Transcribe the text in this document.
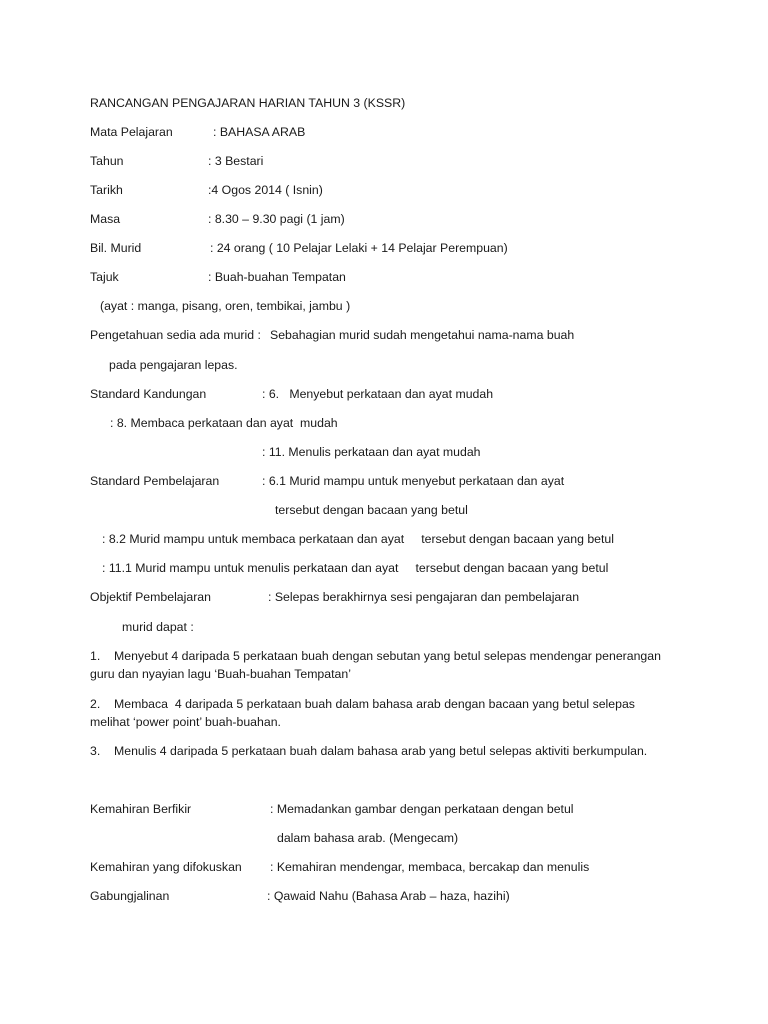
RANCANGAN PENGAJARAN HARIAN TAHUN 3 (KSSR)
Mata Pelajaran	: BAHASA ARAB
Tahun	: 3 Bestari
Tarikh	:4 Ogos 2014 ( Isnin)
Masa	: 8.30 – 9.30 pagi (1 jam)
Bil. Murid	: 24 orang ( 10 Pelajar Lelaki + 14 Pelajar Perempuan)
Tajuk	: Buah-buahan Tempatan
(ayat : manga, pisang, oren, tembikai, jambu )
Pengetahuan sedia ada murid : Sebahagian murid sudah mengetahui nama-nama buah
pada pengajaran lepas.
Standard Kandungan	: 6.   Menyebut perkataan dan ayat mudah
: 8. Membaca perkataan dan ayat  mudah
: 11. Menulis perkataan dan ayat mudah
Standard Pembelajaran	: 6.1 Murid mampu untuk menyebut perkataan dan ayat
tersebut dengan bacaan yang betul
: 8.2 Murid mampu untuk membaca perkataan dan ayat     tersebut dengan bacaan yang betul
: 11.1 Murid mampu untuk menulis perkataan dan ayat     tersebut dengan bacaan yang betul
Objektif Pembelajaran	: Selepas berakhirnya sesi pengajaran dan pembelajaran
murid dapat :
1. Menyebut 4 daripada 5 perkataan buah dengan sebutan yang betul selepas mendengar penerangan
guru dan nyayian lagu ‘Buah-buahan Tempatan’
2. Membaca  4 daripada 5 perkataan buah dalam bahasa arab dengan bacaan yang betul selepas
melihat ‘power point’ buah-buahan.
3. Menulis 4 daripada 5 perkataan buah dalam bahasa arab yang betul selepas aktiviti berkumpulan.
Kemahiran Berfikir	: Memadankan gambar dengan perkataan dengan betul
dalam bahasa arab. (Mengecam)
Kemahiran yang difokuskan : Kemahiran mendengar, membaca, bercakap dan menulis
Gabungjalinan	: Qawaid Nahu (Bahasa Arab – haza, hazihi)
